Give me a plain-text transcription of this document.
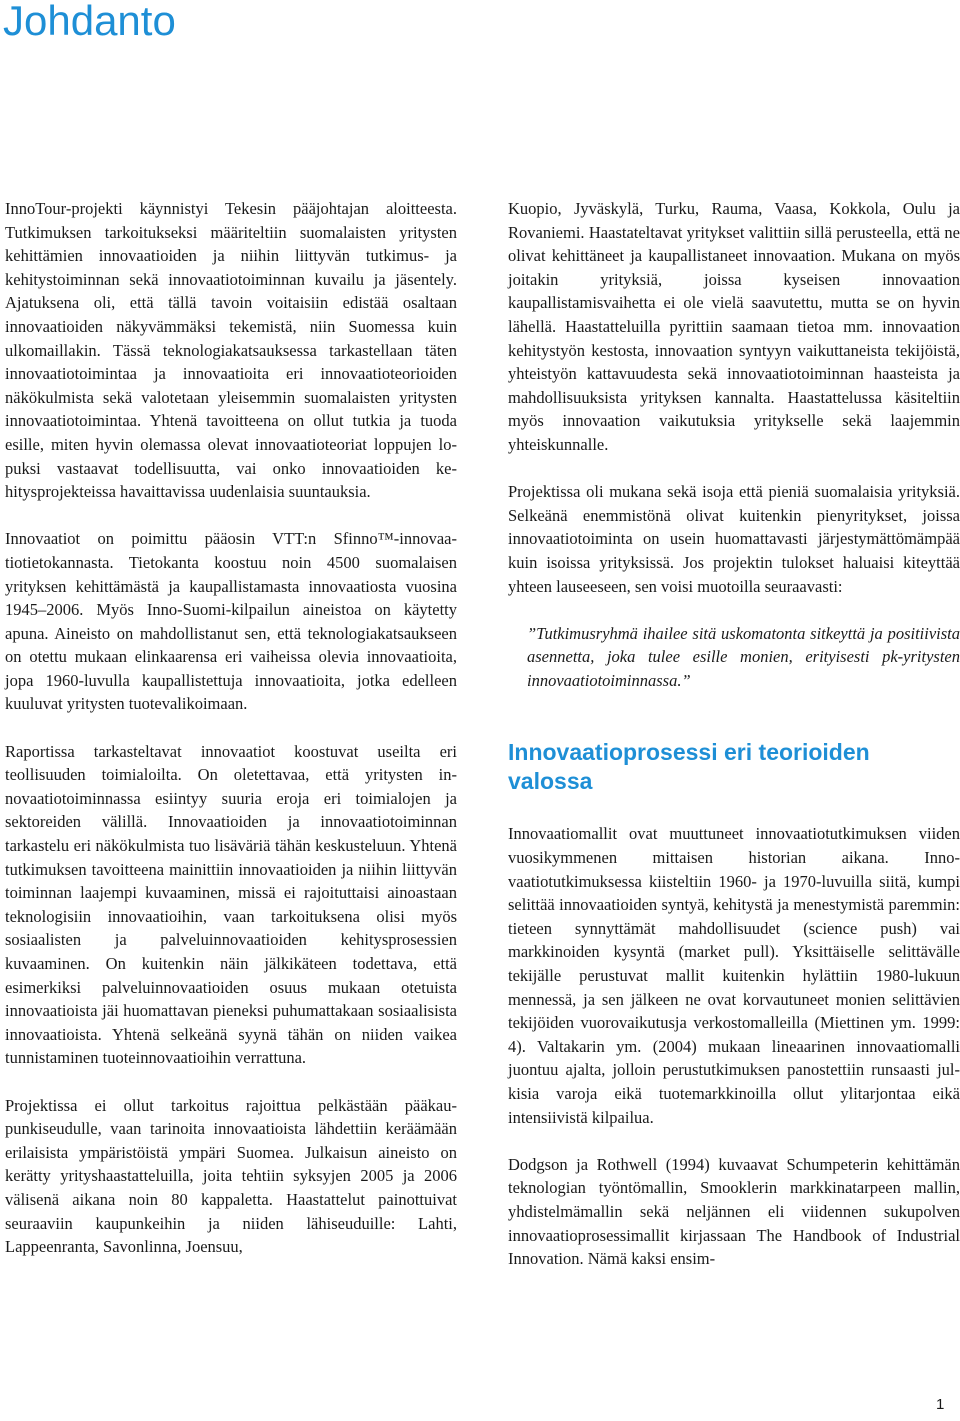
Johdanto

InnoTour-projekti käynnistyi Tekesin pääjohtajan aloitteesta. Tutkimuksen tarkoitukseksi määriteltiin suomalaisten yritysten kehittämien innovaatioiden ja niihin liittyvän tutkimus- ja kehitystoiminnan sekä innovaatiotoiminnan kuvailu ja jäsentely. Ajatuksena oli, että tällä tavoin voitaisiin edistää osaltaan innovaatioiden näkyvämmäksi tekemistä, niin Suomessa kuin ulkomaillakin. Tässä teknologiakatsauksessa tarkastellaan täten innovaatiotoimintaa ja innovaatioita eri innovaatioteorioiden näkökulmista sekä valotetaan yleisemmin suomalaisten yritysten innovaatiotoimintaa. Yhtenä tavoitteena on ollut tutkia ja tuoda esille, miten hyvin olemassa olevat innovaatioteoriat loppujen lopuksi vastaavat todellisuutta, vai onko innovaatioiden kehitysprojekteissa havaittavissa uudenlaisia suuntauksia.

Innovaatiot on poimittu pääosin VTT:n Sfinno™-innovaatiotietokannasta. Tietokanta koostuu noin 4500 suomalaisen yrityksen kehittämästä ja kaupallistamasta innovaatiosta vuosina 1945–2006. Myös Inno-Suomi-kilpailun aineistoa on käytetty apuna. Aineisto on mahdollistanut sen, että teknologiakatsaukseen on otettu mukaan elinkaarensa eri vaiheissa olevia innovaatioita, jopa 1960-luvulla kaupallistettuja innovaatioita, jotka edelleen kuuluvat yritysten tuotevalikoimaan.

Raportissa tarkasteltavat innovaatiot koostuvat useilta eri teollisuuden toimialoilta. On oletettavaa, että yritysten innovaatiotoiminnassa esiintyy suuria eroja eri toimialojen ja sektoreiden välillä. Innovaatioiden ja innovaatiotoiminnan tarkastelu eri näkökulmista tuo lisäväriä tähän keskusteluun. Yhtenä tutkimuksen tavoitteena mainittiin innovaatioiden ja niihin liittyvän toiminnan laajempi kuvaaminen, missä ei rajoituttaisi ainoastaan teknologisiin innovaatioihin, vaan tarkoituksena olisi myös sosiaalisten ja palveluinnovaatioiden kehitysprosessien kuvaaminen. On kuitenkin näin jälkikäteen todettava, että esimerkiksi palveluinnovaatioiden osuus mukaan otetuista innovaatioista jäi huomattavan pieneksi puhumattakaan sosiaalisista innovaatioista. Yhtenä selkeänä syynä tähän on niiden vaikea tunnistaminen tuoteinnovaatioihin verrattuna.

Projektissa ei ollut tarkoitus rajoittua pelkästään pääkaupunkiseudulle, vaan tarinoita innovaatioista lähdettiin keräämään erilaisista ympäristöistä ympäri Suomea. Julkaisun aineisto on kerätty yrityshaastatteluilla, joita tehtiin syksyjen 2005 ja 2006 välisenä aikana noin 80 kappaletta. Haastattelut painottuivat seuraaviin kaupunkeihin ja niiden lähiseuduille: Lahti, Lappeenranta, Savonlinna, Joensuu,

Kuopio, Jyväskylä, Turku, Rauma, Vaasa, Kokkola, Oulu ja Rovaniemi. Haastateltavat yritykset valittiin sillä perusteella, että ne olivat kehittäneet ja kaupallistaneet innovaation. Mukana on myös joitakin yrityksiä, joissa kyseisen innovaation kaupallistamisvaihetta ei ole vielä saavutettu, mutta se on hyvin lähellä. Haastatteluilla pyrittiin saamaan tietoa mm. innovaation kehitystyön kestosta, innovaation syntyyn vaikuttaneista tekijöistä, yhteistyön kattavuudesta sekä innovaatiotoiminnan haasteista ja mahdollisuuksista yrityksen kannalta. Haastattelussa käsiteltiin myös innovaation vaikutuksia yritykselle sekä laajemmin yhteiskunnalle.

Projektissa oli mukana sekä isoja että pieniä suomalaisia yrityksiä. Selkeänä enemmistönä olivat kuitenkin pienyritykset, joissa innovaatiotoiminta on usein huomattavasti järjestymättömämpää kuin isoissa yrityksissä. Jos projektin tulokset haluaisi kiteyttää yhteen lauseeseen, sen voisi muotoilla seuraavasti:

”Tutkimusryhmä ihailee sitä uskomatonta sitkeyttä ja positiivista asennetta, joka tulee esille monien, erityisesti pk-yritysten innovaatiotoiminnassa.”

Innovaatioprosessi eri teorioiden valossa

Innovaatiomallit ovat muuttuneet innovaatiotutkimuksen viiden vuosikymmenen mittaisen historian aikana. Innovaatiotutkimuksessa kiisteltiin 1960- ja 1970-luvuilla siitä, kumpi selittää innovaatioiden syntyä, kehitystä ja menestymistä paremmin: tieteen synnyttämät mahdollisuudet (science push) vai markkinoiden kysyntä (market pull). Yksittäiselle selittävälle tekijälle perustuvat mallit kuitenkin hylättiin 1980-lukuun mennessä, ja sen jälkeen ne ovat korvautuneet monien selittävien tekijöiden vuorovaikutusja verkostomalleilla (Miettinen ym. 1999: 4). Valtakarin ym. (2004) mukaan lineaarinen innovaatiomalli juontuu ajalta, jolloin perustutkimuksen panostettiin runsaasti julkisia varoja eikä tuotemarkkinoilla ollut ylitarjontaa eikä intensiivistä kilpailua.

Dodgson ja Rothwell (1994) kuvaavat Schumpeterin kehittämän teknologian työntömallin, Smooklerin markkinatarpeen mallin, yhdistelmämallin sekä neljännen eli viidennen sukupolven innovaatioprosessimallit kirjassaan The Handbook of Industrial Innovation. Nämä kaksi ensim-

1
